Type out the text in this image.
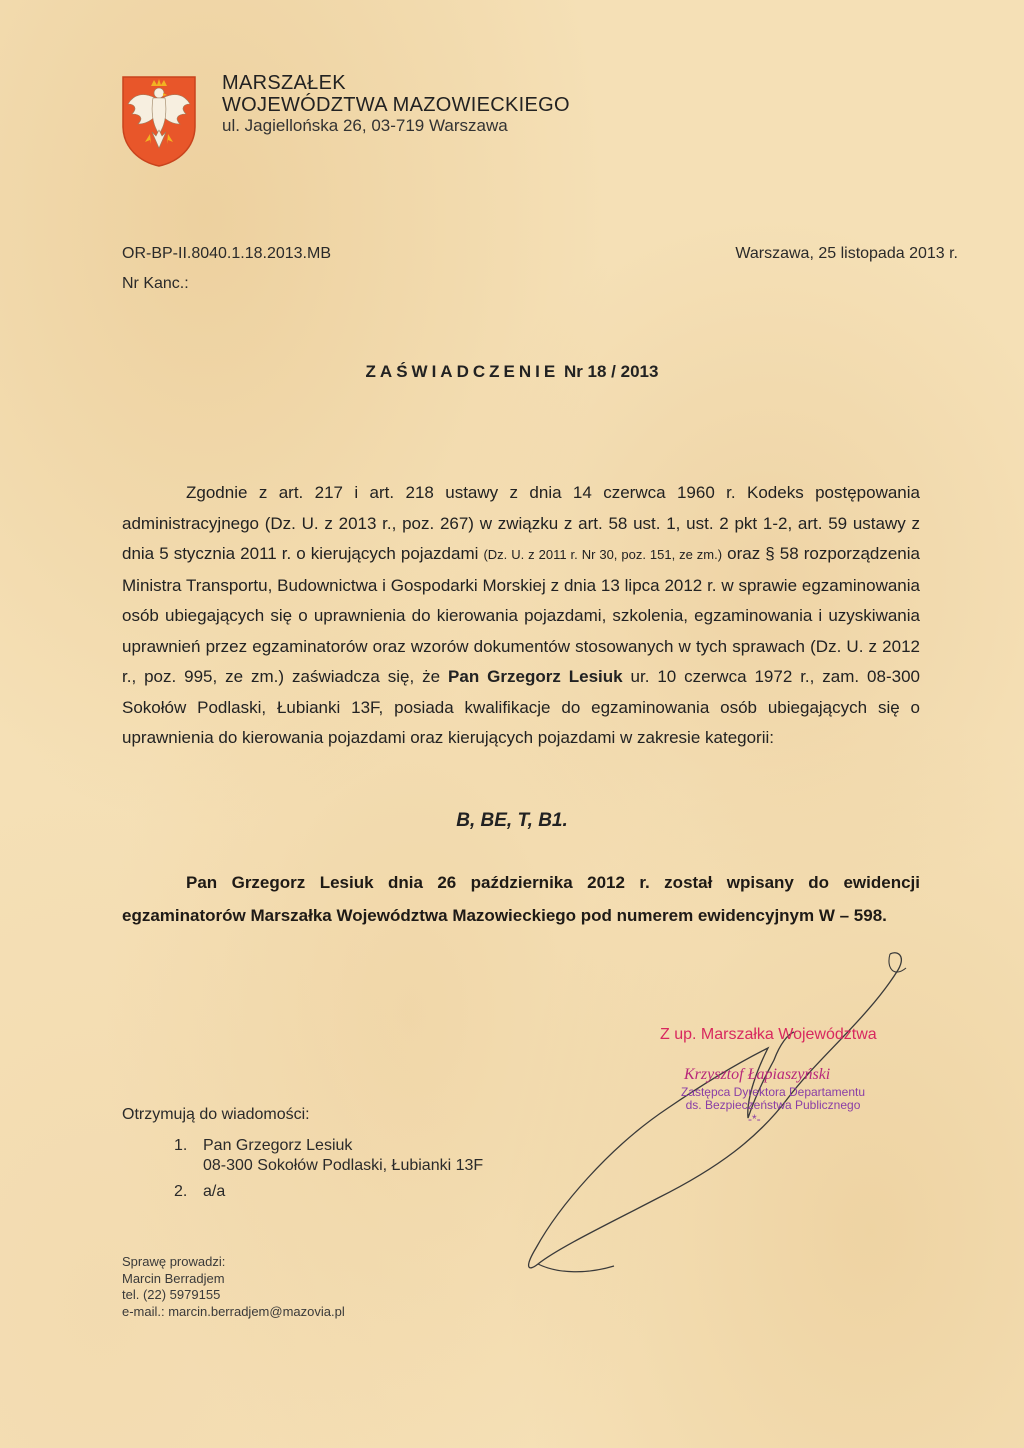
MARSZAŁEK
WOJEWÓDZTWA MAZOWIECKIEGO
ul. Jagiellońska 26, 03-719 Warszawa
OR-BP-II.8040.1.18.2013.MB
Nr Kanc.:
Warszawa, 25 listopada 2013 r.
ZAŚWIADCZENIE Nr 18 / 2013

Zgodnie z art. 217 i art. 218 ustawy z dnia 14 czerwca 1960 r. Kodeks postępowania administracyjnego (Dz. U. z 2013 r., poz. 267) w związku z art. 58 ust. 1, ust. 2 pkt 1-2, art. 59 ustawy z dnia 5 stycznia 2011 r. o kierujących pojazdami (Dz. U. z 2011 r. Nr 30, poz. 151, ze zm.) oraz § 58 rozporządzenia Ministra Transportu, Budownictwa i Gospodarki Morskiej z dnia 13 lipca 2012 r. w sprawie egzaminowania osób ubiegających się o uprawnienia do kierowania pojazdami, szkolenia, egzaminowania i uzyskiwania uprawnień przez egzaminatorów oraz wzorów dokumentów stosowanych w tych sprawach (Dz. U. z 2012 r., poz. 995, ze zm.) zaświadcza się, że Pan Grzegorz Lesiuk ur. 10 czerwca 1972 r., zam. 08-300 Sokołów Podlaski, Łubianki 13F, posiada kwalifikacje do egzaminowania osób ubiegających się o uprawnienia do kierowania pojazdami oraz kierujących pojazdami w zakresie kategorii:

B, BE, T, B1.

Pan Grzegorz Lesiuk dnia 26 października 2012 r. został wpisany do ewidencji egzaminatorów Marszałka Województwa Mazowieckiego pod numerem ewidencyjnym W – 598.

Z up. Marszałka Województwa
Krzysztof Łapiaszyński
Zastępca Dyrektora Departamentu
ds. Bezpieczeństwa Publicznego
-*-
Otrzymują do wiadomości:
1. Pan Grzegorz Lesiuk
08-300 Sokołów Podlaski, Łubianki 13F
2. a/a
Sprawę prowadzi:
Marcin Berradjem
tel. (22) 5979155
e-mail.: marcin.berradjem@mazovia.pl
